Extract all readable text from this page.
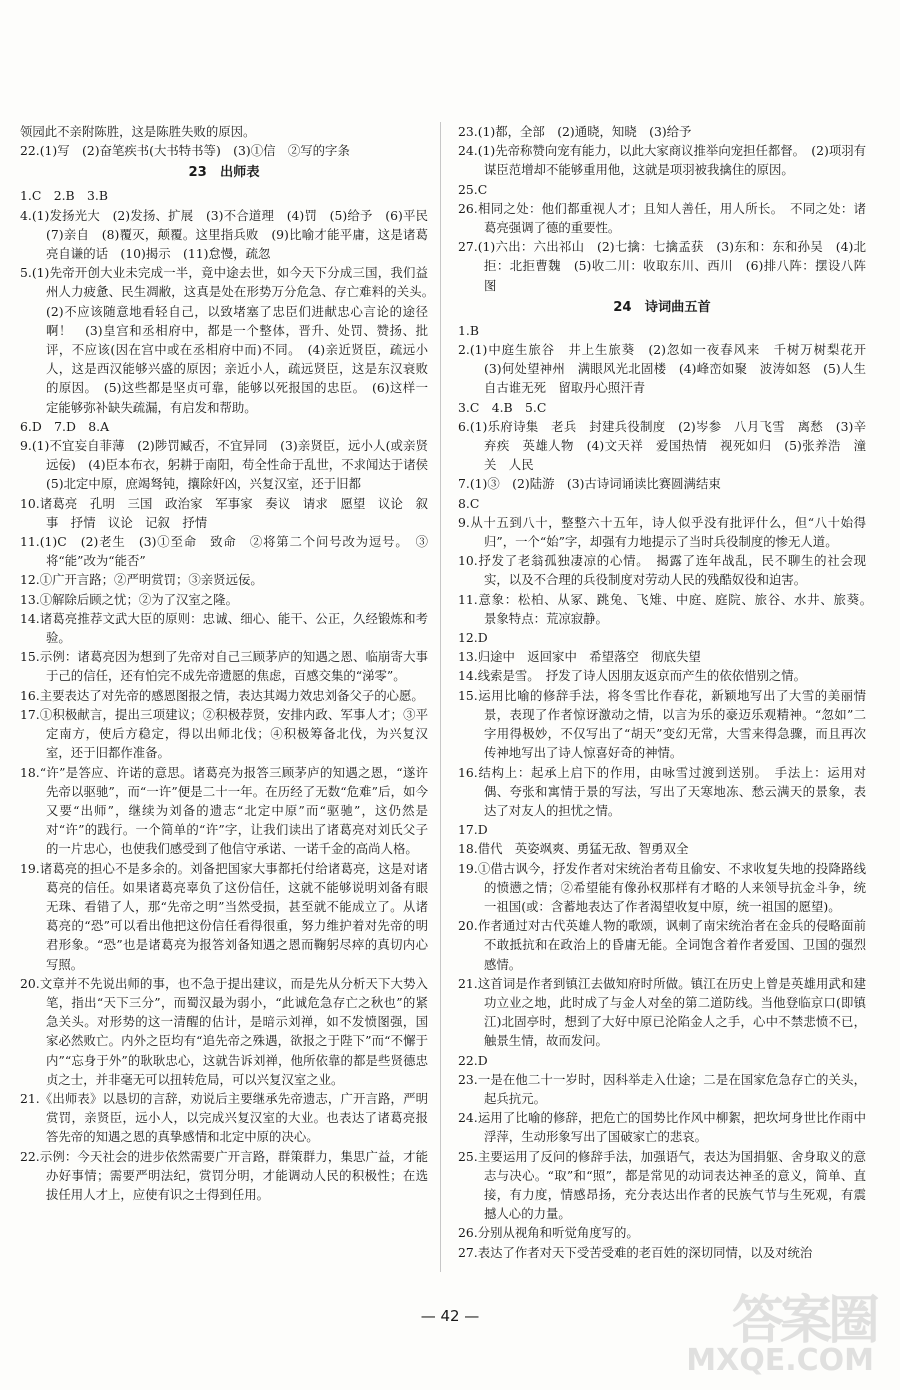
领园此不亲附陈胜，这是陈胜失败的原因。
22.(1)写　(2)奋笔疾书(大书特书等)　(3)①信　②写的字条
23　出师表
1.C　2.B　3.B
4.(1)发扬光大　(2)发扬、扩展　(3)不合道理　(4)罚　(5)给予　(6)平民　(7)亲自　(8)覆灭，颠覆。这里指兵败　(9)比喻才能平庸，这是诸葛亮自谦的话　(10)揭示　(11)怠慢，疏忽
5.(1)先帝开创大业未完成一半，竟中途去世，如今天下分成三国，我们益州人力疲惫、民生凋敝，这真是处在形势万分危急、存亡难料的关头。　(2)不应该随意地看轻自己，以致堵塞了忠臣们进献忠心言论的途径啊！　(3)皇宫和丞相府中，都是一个整体，晋升、处罚、赞扬、批评，不应该(因在宫中或在丞相府中而)不同。　(4)亲近贤臣，疏远小人，这是西汉能够兴盛的原因；亲近小人，疏远贤臣，这是东汉衰败的原因。　(5)这些都是坚贞可靠，能够以死报国的忠臣。　(6)这样一定能够弥补缺失疏漏，有启发和帮助。
6.D　7.D　8.A
9.(1)不宜妄自菲薄　(2)陟罚臧否，不宜异同　(3)亲贤臣，远小人(或亲贤远佞)　(4)臣本布衣，躬耕于南阳，苟全性命于乱世，不求闻达于诸侯　(5)北定中原，庶竭驽钝，攘除奸凶，兴复汉室，还于旧都
10.诸葛亮　孔明　三国　政治家　军事家　奏议　请求　愿望　议论　叙事　抒情　议论　记叙　抒情
11.(1)C　(2)老生　(3)①至命　致命　②将第二个问号改为逗号。　③将“能”改为“能否”
12.①广开言路；②严明赏罚；③亲贤远佞。
13.①解除后顾之忧；②为了汉室之隆。
14.诸葛亮推荐文武大臣的原则：忠诚、细心、能干、公正，久经锻炼和考验。
15.示例：诸葛亮因为想到了先帝对自己三顾茅庐的知遇之恩、临崩寄大事于己的信任，还有怕完不成先帝遗愿的焦虑，百感交集的“涕零”。
16.主要表达了对先帝的感恩图报之情，表达其竭力效忠刘备父子的心愿。
17.①积极献言，提出三项建议；②积极荐贤，安排内政、军事人才；③平定南方，使后方稳定，得以出师北伐；④积极筹备北伐，为兴复汉室，还于旧都作准备。
18.“许”是答应、许诺的意思。诸葛亮为报答三顾茅庐的知遇之恩，“遂许先帝以驱驰”，而“一许”便是二十一年。在历经了无数“危难”后，如今又要“出师”，继续为刘备的遗志“北定中原”而“驱驰”，这仍然是对“许”的践行。一个简单的“许”字，让我们读出了诸葛亮对刘氏父子的一片忠心，也使我们感受到了他信守承诺、一诺千金的高尚人格。
19.诸葛亮的担心不是多余的。刘备把国家大事都托付给诸葛亮，这是对诸葛亮的信任。如果诸葛亮辜负了这份信任，这就不能够说明刘备有眼无珠、看错了人，那“先帝之明”当然受损，甚至就不能成立了。从诸葛亮的“恐”可以看出他把这份信任看得很重，努力维护着对先帝的明君形象。“恐”也是诸葛亮为报答刘备知遇之恩而鞠躬尽瘁的真切内心写照。
20.文章并不先说出师的事，也不急于提出建议，而是先从分析天下大势入笔，指出“天下三分”，而蜀汉最为弱小，“此诚危急存亡之秋也”的紧急关头。对形势的这一清醒的估计，是暗示刘禅，如不发愤图强，国家必然败亡。内外之臣均有“追先帝之殊遇，欲报之于陛下”而“不懈于内”“忘身于外”的耿耿忠心，这就告诉刘禅，他所依靠的都是些贤德忠贞之士，并非毫无可以扭转危局，可以兴复汉室之业。
21.《出师表》以恳切的言辞，劝说后主要继承先帝遗志，广开言路，严明赏罚，亲贤臣，远小人，以完成兴复汉室的大业。也表达了诸葛亮报答先帝的知遇之恩的真挚感情和北定中原的决心。
22.示例：今天社会的进步依然需要广开言路，群策群力，集思广益，才能办好事情；需要严明法纪，赏罚分明，才能调动人民的积极性；在选拔任用人才上，应使有识之士得到任用。
23.(1)都，全部　(2)通晓，知晓　(3)给予
24.(1)先帝称赞向宠有能力，以此大家商议推举向宠担任都督。　(2)项羽有谋臣范增却不能够重用他，这就是项羽被我擒住的原因。
25.C
26.相同之处：他们都重视人才；且知人善任，用人所长。　不同之处：诸葛亮强调了德的重要性。
27.(1)六出：六出祁山　(2)七擒：七擒孟获　(3)东和：东和孙吴　(4)北拒：北拒曹魏　(5)收二川：收取东川、西川　(6)排八阵：摆设八阵图
24　诗词曲五首
1.B
2.(1)中庭生旅谷　井上生旅葵　(2)忽如一夜春风来　千树万树梨花开　(3)何处望神州　满眼风光北固楼　(4)峰峦如聚　波涛如怒　(5)人生自古谁无死　留取丹心照汗青
3.C　4.B　5.C
6.(1)乐府诗集　老兵　封建兵役制度　(2)岑参　八月飞雪　离愁　(3)辛弃疾　英雄人物　(4)文天祥　爱国热情　视死如归　(5)张养浩　潼关　人民
7.(1)③　(2)陆游　(3)古诗词诵读比赛圆满结束
8.C
9.从十五到八十，整整六十五年，诗人似乎没有批评什么，但“八十始得归”，一个“始”字，却强有力地提示了当时兵役制度的惨无人道。
10.抒发了老翁孤独凄凉的心情。　揭露了连年战乱，民不聊生的社会现实，以及不合理的兵役制度对劳动人民的残酷奴役和迫害。
11.意象：松柏、从冢、跳兔、飞雉、中庭、庭院、旅谷、水井、旅葵。　景象特点：荒凉寂静。
12.D
13.归途中　返回家中　希望落空　彻底失望
14.线索是雪。　抒发了诗人因朋友返京而产生的依依惜别之情。
15.运用比喻的修辞手法，将冬雪比作春花，新颖地写出了大雪的美丽情景，表现了作者惊讶激动之情，以言为乐的豪迈乐观精神。“忽如”二字用得极妙，不仅写出了“胡天”变幻无常，大雪来得急骤，而且再次传神地写出了诗人惊喜好奇的神情。
16.结构上：起承上启下的作用，由咏雪过渡到送别。　手法上：运用对偶、夸张和寓情于景的写法，写出了天寒地冻、愁云满天的景象，表达了对友人的担忧之情。
17.D
18.借代　英姿飒爽、勇猛无敌、智勇双全
19.①借古讽今，抒发作者对宋统治者苟且偷安、不求收复失地的投降路线的愤懑之情；②希望能有像孙权那样有才略的人来领导抗金斗争，统一祖国(或：含蓄地表达了作者渴望收复中原，统一祖国的愿望)。
20.作者通过对古代英雄人物的歌颂，讽刺了南宋统治者在金兵的侵略面前不敢抵抗和在政治上的昏庸无能。全词饱含着作者爱国、卫国的强烈感情。
21.这首词是作者到镇江去做知府时所做。镇江在历史上曾是英雄用武和建功立业之地，此时成了与金人对垒的第二道防线。当他登临京口(即镇江)北固亭时，想到了大好中原已沦陷金人之手，心中不禁悲愤不已，触景生情，故而发问。
22.D
23.一是在他二十一岁时，因科举走入仕途；二是在国家危急存亡的关头，起兵抗元。
24.运用了比喻的修辞，把危亡的国势比作风中柳絮，把坎坷身世比作雨中浮萍，生动形象写出了国破家亡的悲哀。
25.主要运用了反问的修辞手法，加强语气，表达为国捐躯、舍身取义的意志与决心。“取”和“照”，都是常见的动词表达神圣的意义，简单、直接，有力度，情感昂扬，充分表达出作者的民族气节与生死观，有震撼人心的力量。
26.分别从视角和听觉角度写的。
27.表达了作者对天下受苦受难的老百姓的深切同情，以及对统治
— 42 —	答案圈
MXQE.COM
